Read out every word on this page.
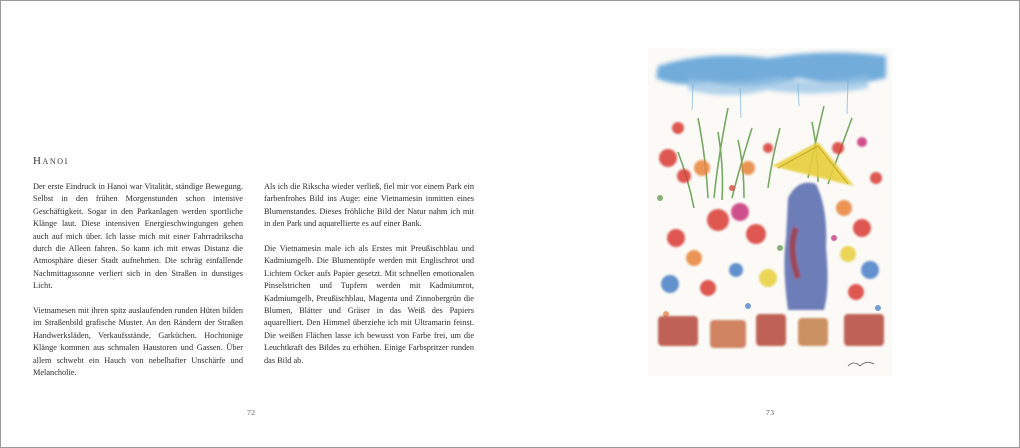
Hanoi

Der erste Eindruck in Hanoi war Vitalität, ständige Bewegung. Selbst in den frühen Morgenstunden schon intensive Geschäftigkeit. Sogar in den Parkanlagen werden sportliche Klänge laut. Diese intensiven Energieschwingungen gehen auch auf mich über. Ich lasse mich mit einer Fahrradrikscha durch die Alleen fahren. So kann ich mit etwas Distanz die Atmosphäre dieser Stadt aufnehmen. Die schräg einfallende Nachmittagssonne verliert sich in den Straßen in dunstiges Licht.

Vietnamesen mit ihren spitz auslaufenden runden Hüten bilden im Straßenbild grafische Muster. An den Rändern der Straßen Handwerksläden, Verkaufsstände, Garküchen. Hochtonige Klänge kommen aus schmalen Haustoren und Gassen. Über allem schwebt ein Hauch von nebelhafter Unschärfe und Melancholie.

Als ich die Rikscha wieder verließ, fiel mir vor einem Park ein farbenfrohes Bild ins Auge: eine Vietnamesin inmitten eines Blumenstandes. Dieses fröhliche Bild der Natur nahm ich mit in den Park und aquarellierte es auf einer Bank.

Die Vietnamesin male ich als Erstes mit Preußischblau und Kadmiumgelb. Die Blumentöpfe werden mit Englischrot und Lichtem Ocker aufs Papier gesetzt. Mit schnellen emotionalen Pinselstrichen und Tupfern werden mit Kadmiumrot, Kadmiumgelb, Preußischblau, Magenta und Zinnobergrün die Blumen, Blätter und Gräser in das Weiß des Papiers aquarelliert. Den Himmel überziehe ich mit Ultramarin feinst. Die weißen Flächen lasse ich bewusst von Farbe frei, um die Leuchtkraft des Bildes zu erhöhen. Einige Farbspritzer runden das Bild ab.

72	73
